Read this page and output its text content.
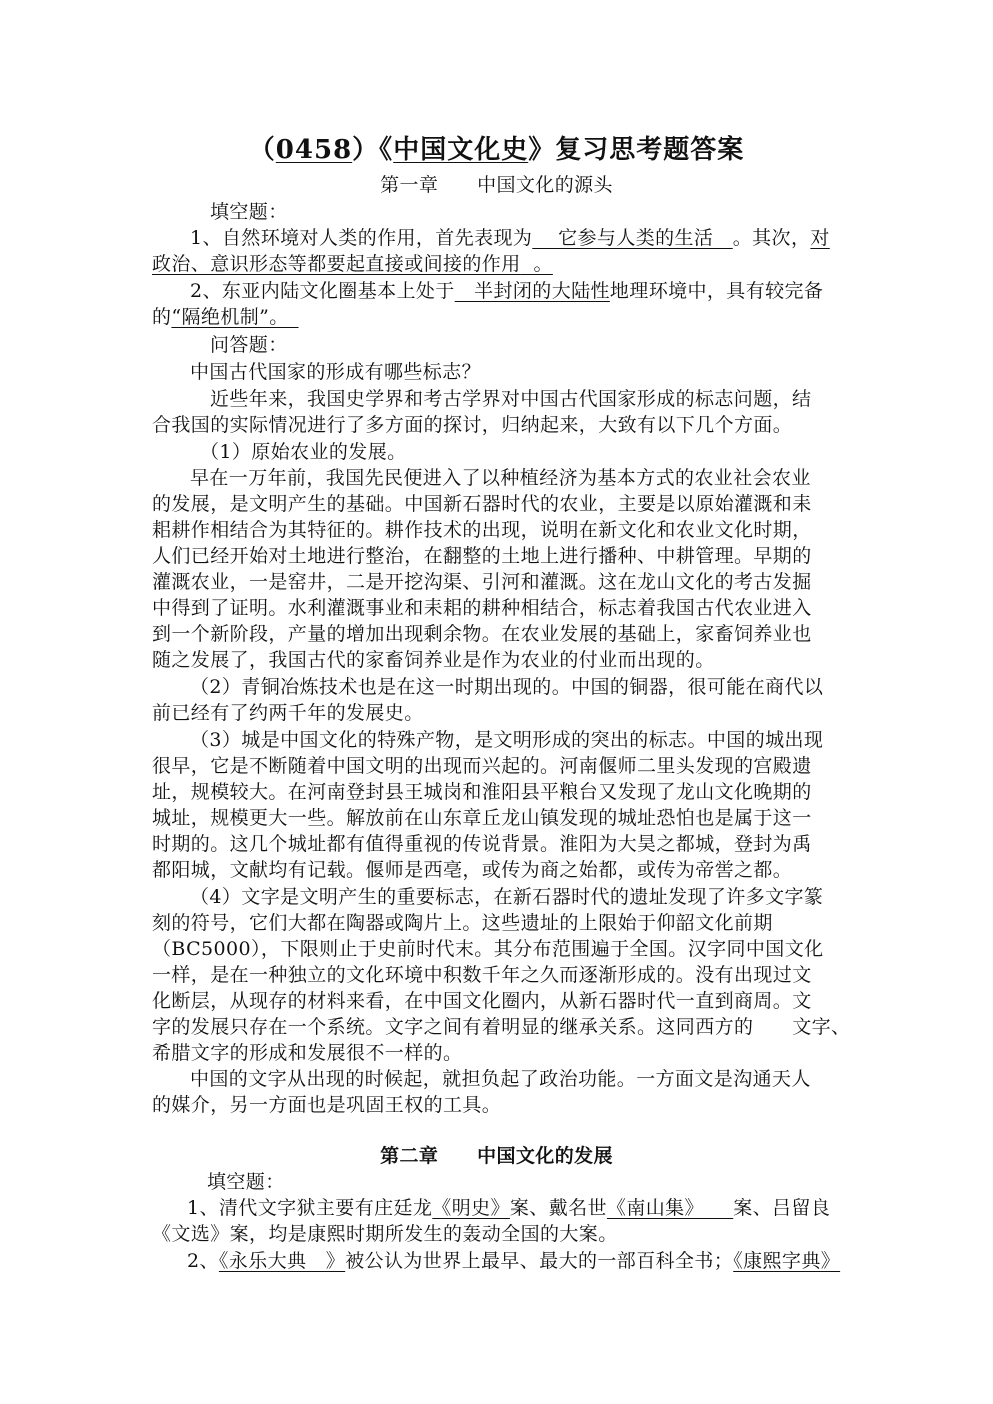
（0458）《中国文化史》复习思考题答案
第一章　　中国文化的源头
填空题：
1、自然环境对人类的作用，首先表现为　 它参与人类的生活　。其次，对
政治、意识形态等都要起直接或间接的作用  。
2、东亚内陆文化圈基本上处于　半封闭的大陆性地理环境中，具有较完备
的“隔绝机制”。　
问答题：
中国古代国家的形成有哪些标志？
近些年来，我国史学界和考古学界对中国古代国家形成的标志问题，结
合我国的实际情况进行了多方面的探讨，归纳起来，大致有以下几个方面。
（1）原始农业的发展。
早在一万年前，我国先民便进入了以种植经济为基本方式的农业社会农业
的发展，是文明产生的基础。中国新石器时代的农业，主要是以原始灌溉和耒
耜耕作相结合为其特征的。耕作技术的出现，说明在新文化和农业文化时期，
人们已经开始对土地进行整治，在翻整的土地上进行播种、中耕管理。早期的
灌溉农业，一是窑井，二是开挖沟渠、引河和灌溉。这在龙山文化的考古发掘
中得到了证明。水利灌溉事业和耒耜的耕种相结合，标志着我国古代农业进入
到一个新阶段，产量的增加出现剩余物。在农业发展的基础上，家畜饲养业也
随之发展了，我国古代的家畜饲养业是作为农业的付业而出现的。
（2）青铜冶炼技术也是在这一时期出现的。中国的铜器，很可能在商代以
前已经有了约两千年的发展史。
（3）城是中国文化的特殊产物，是文明形成的突出的标志。中国的城出现
很早，它是不断随着中国文明的出现而兴起的。河南偃师二里头发现的宫殿遗
址，规模较大。在河南登封县王城岗和淮阳县平粮台又发现了龙山文化晚期的
城址，规模更大一些。解放前在山东章丘龙山镇发现的城址恐怕也是属于这一
时期的。这几个城址都有值得重视的传说背景。淮阳为大昊之都城，登封为禹
都阳城，文献均有记载。偃师是西亳，或传为商之始都，或传为帝喾之都。
（4）文字是文明产生的重要标志，在新石器时代的遗址发现了许多文字篆
刻的符号，它们大都在陶器或陶片上。这些遗址的上限始于仰韶文化前期
（BC5000），下限则止于史前时代末。其分布范围遍于全国。汉字同中国文化
一样，是在一种独立的文化环境中积数千年之久而逐渐形成的。没有出现过文
化断层，从现存的材料来看，在中国文化圈内，从新石器时代一直到商周。文
字的发展只存在一个系统。文字之间有着明显的继承关系。这同西方的　　文字、
希腊文字的形成和发展很不一样的。
中国的文字从出现的时候起，就担负起了政治功能。一方面文是沟通天人
的媒介，另一方面也是巩固王权的工具。
第二章　　中国文化的发展
填空题：
1、清代文字狱主要有庄廷龙《明史》案、戴名世《南山集》　　案、吕留良
《文选》案，均是康熙时期所发生的轰动全国的大案。
2、《永乐大典　》被公认为世界上最早、最大的一部百科全书；《康熙字典》
